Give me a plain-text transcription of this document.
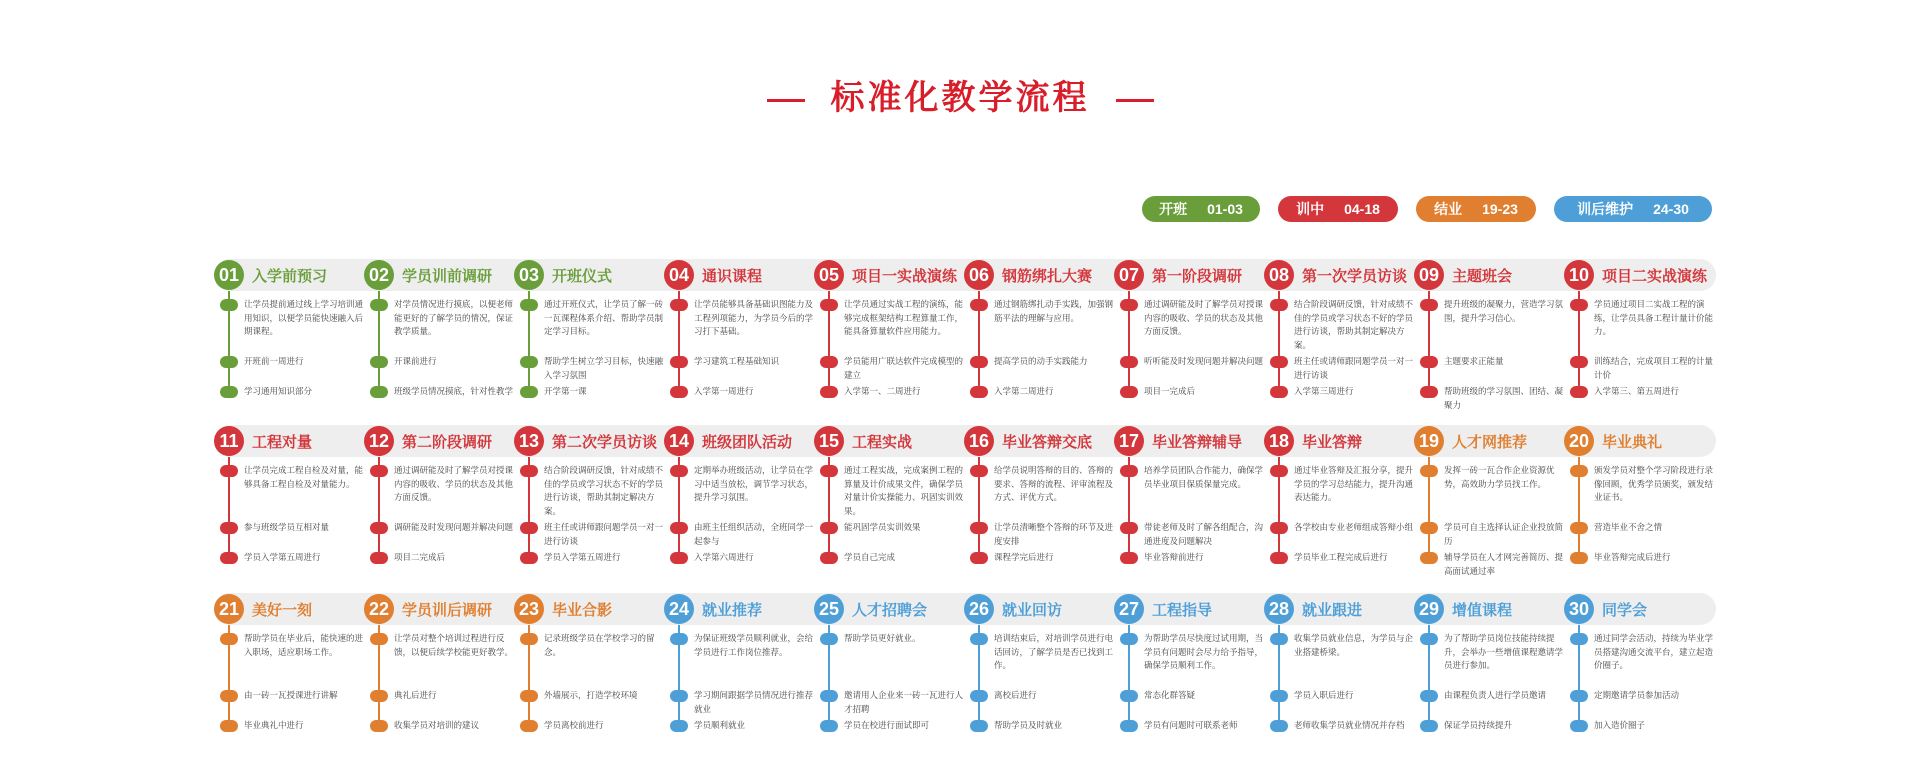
标准化教学流程
开班 01-03	训中 04-18	结业 19-23	训后维护 24-30
01 入学前预习
让学员提前通过线上学习培训通用知识，以便学员能快速融入后期课程。
开班前一周进行
学习通用知识部分
02 学员训前调研
对学员情况进行摸底，以便老师能更好的了解学员的情况，保证教学质量。
开课前进行
班级学员情况摸底，针对性教学
03 开班仪式
通过开班仪式，让学员了解一砖一瓦课程体系介绍、帮助学员制定学习目标。
帮助学生树立学习目标，快速融入学习氛围
开学第一课
04 通识课程
让学员能够具备基础识图能力及工程列项能力，为学员今后的学习打下基础。
学习建筑工程基础知识
入学第一周进行
05 项目一实战演练
让学员通过实战工程的演练，能够完成框架结构工程算量工作，能具备算量软件应用能力。
学员能用广联达软件完成模型的建立
入学第一、二周进行
06 钢筋绑扎大赛
通过钢筋绑扎动手实践，加强钢筋平法的理解与应用。
提高学员的动手实践能力
入学第二周进行
07 第一阶段调研
通过调研能及时了解学员对授课内容的吸收、学员的状态及其他方面反馈。
听听能及时发现问题并解决问题
项目一完成后
08 第一次学员访谈
结合阶段调研反馈，针对成绩不佳的学员或学习状态不好的学员进行访谈，帮助其制定解决方案。
班主任或请师跟同题学员一对一进行访谈
入学第三周进行
09 主题班会
提升班级的凝聚力，营造学习氛围，提升学习信心。
主题要求正能量
帮助班级的学习氛围、团结、凝聚力
10 项目二实战演练
学员通过项目二实战工程的演练，让学员具备工程计量计价能力。
训练结合，完成项目工程的计量计价
入学第三、第五周进行
11 工程对量
让学员完成工程自检及对量，能够具备工程自检及对量能力。
参与班级学员互相对量
学员入学第五周进行
12 第二阶段调研
通过调研能及时了解学员对授课内容的吸收、学员的状态及其他方面反馈。
调研能及时发现问题并解决问题
项目二完成后
13 第二次学员访谈
结合阶段调研反馈，针对成绩不佳的学员或学习状态不好的学员进行访谈，帮助其制定解决方案。
班主任或讲师跟问题学员一对一进行访谈
学员入学第五周进行
14 班级团队活动
定期举办班级活动，让学员在学习中适当放松，调节学习状态，提升学习氛围。
由班主任组织活动，全班同学一起参与
入学第六周进行
15 工程实战
通过工程实战，完成案例工程的算量及计价成果文件，确保学员对量计价实操能力、巩固实训效果。
能巩固学员实训效果
学员自己完成
16 毕业答辩交底
给学员说明答辩的目的、答辩的要求、答辩的流程、评审流程及方式、评优方式。
让学员清晰整个答辩的环节及进度安排
课程学完后进行
17 毕业答辩辅导
培养学员团队合作能力，确保学员毕业项目保质保量完成。
带徒老师及时了解各组配合，沟通进度及问题解决
毕业答辩前进行
18 毕业答辩
通过毕业答辩及汇报分享，提升学员的学习总结能力，提升沟通表达能力。
各学校由专业老师组成答辩小组
学员毕业工程完成后进行
19 人才网推荐
发挥一砖一瓦合作企业资源优势，高效助力学员找工作。
学员可自主选择认证企业投放简历
辅导学员在人才网完善简历、提高面试通过率
20 毕业典礼
颁发学员对整个学习阶段进行录像回顾，优秀学员颁奖，颁发结业证书。
营造毕业不舍之情
毕业答辩完成后进行
21 美好一刻
帮助学员在毕业后，能快速的进入职场，适应职场工作。
由一砖一瓦授课进行讲解
毕业典礼中进行
22 学员训后调研
让学员对整个培训过程进行反馈，以便后续学校能更好教学。
典礼后进行
收集学员对培训的建议
23 毕业合影
记录班级学员在学校学习的留念。
外墙展示，打造学校环境
学员离校前进行
24 就业推荐
为保证班级学员顺利就业，会给学员进行工作岗位推荐。
学习期间跟据学员情况进行推荐就业
学员顺利就业
25 人才招聘会
帮助学员更好就业。
邀请用人企业来一砖一瓦进行人才招聘
学员在校进行面试即可
26 就业回访
培训结束后，对培训学员进行电话回访，了解学员是否已找到工作。
离校后进行
帮助学员及时就业
27 工程指导
为帮助学员尽快度过试用期，当学员有问题时会尽力给予指导，确保学员顺利工作。
常态化群答疑
学员有问题时可联系老师
28 就业跟进
收集学员就业信息，为学员与企业搭建桥梁。
学员入职后进行
老师收集学员就业情况并存档
29 增值课程
为了帮助学员岗位技能持续提升，会举办一些增值课程邀请学员进行参加。
由课程负责人进行学员邀请
保证学员持续提升
30 同学会
通过同学会活动，持续为毕业学员搭建沟通交流平台，建立起造价圈子。
定期邀请学员参加活动
加入造价圈子
